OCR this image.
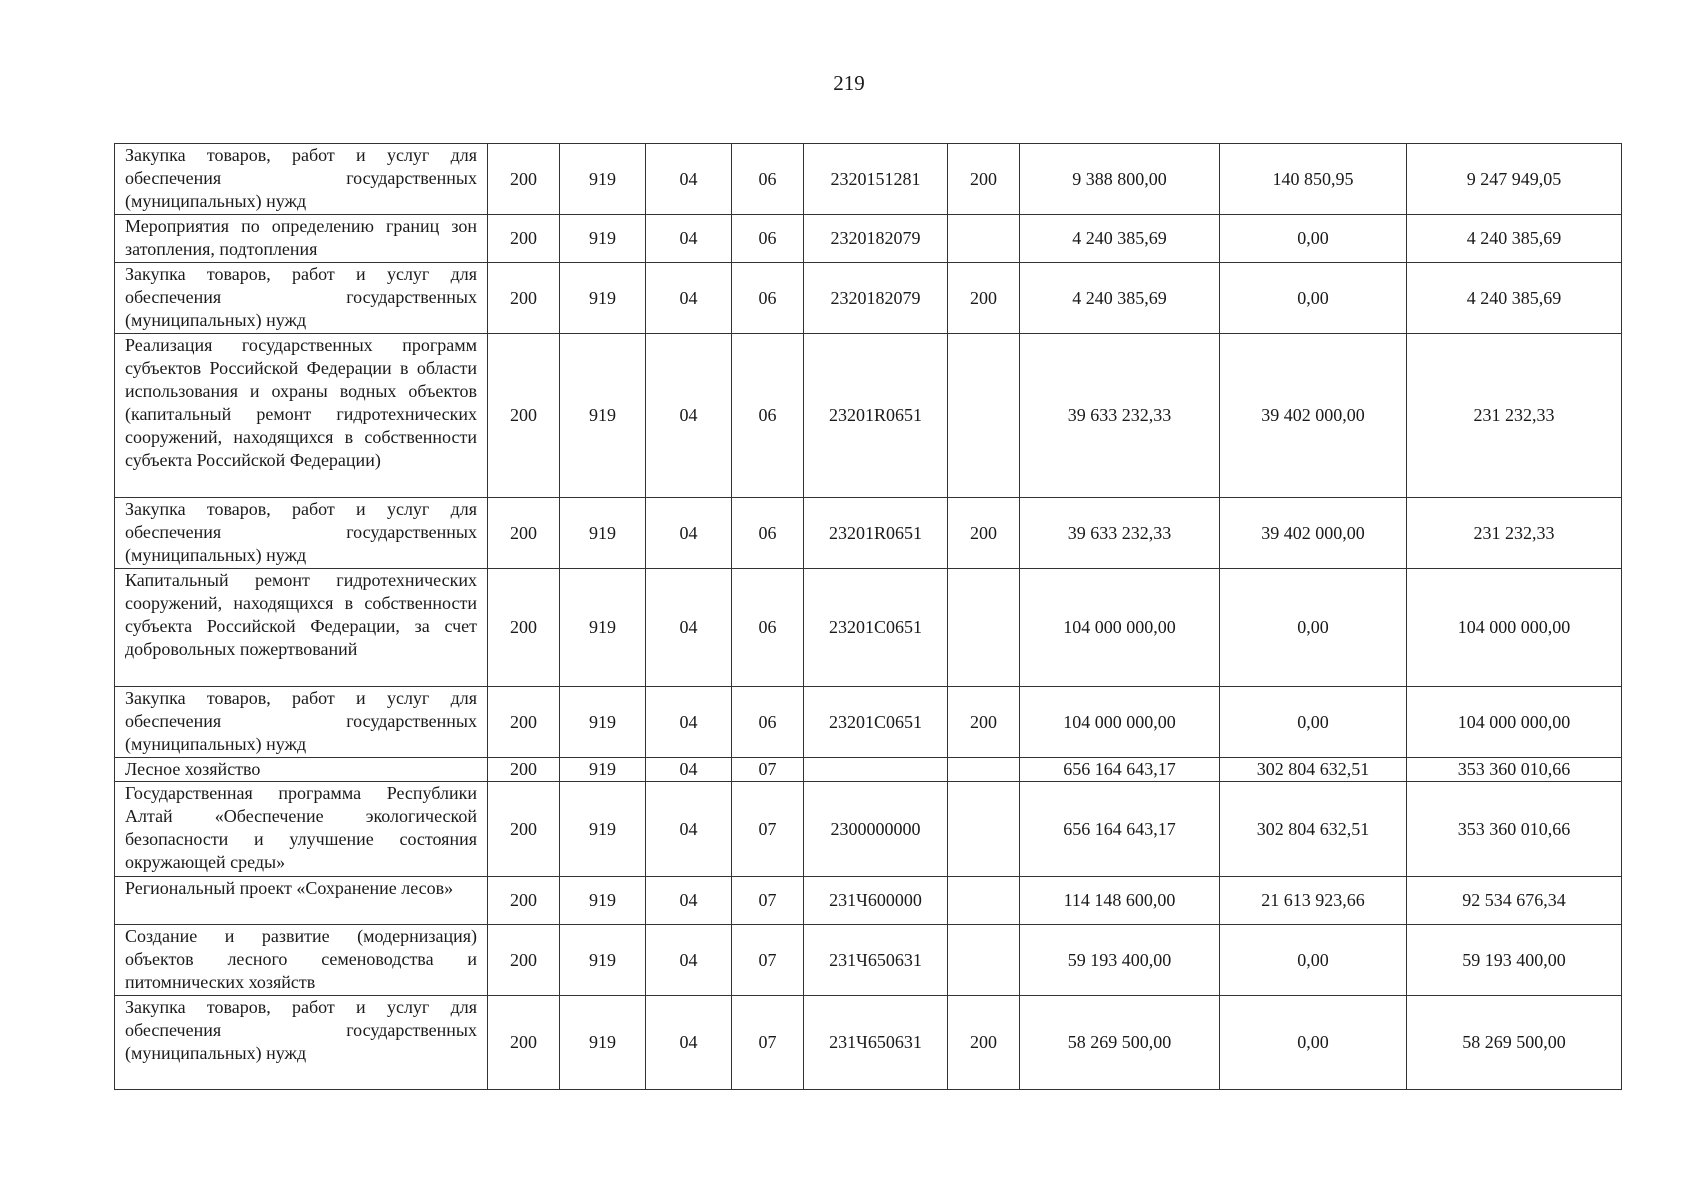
219
Закупка товаров, работ и услуг для обеспечения государственных (муниципальных) нужд	200	919	04	06	2320151281	200	9 388 800,00	140 850,95	9 247 949,05
Мероприятия по определению границ зон затопления, подтопления	200	919	04	06	2320182079		4 240 385,69	0,00	4 240 385,69
Закупка товаров, работ и услуг для обеспечения государственных (муниципальных) нужд	200	919	04	06	2320182079	200	4 240 385,69	0,00	4 240 385,69
Реализация государственных программ субъектов Российской Федерации в области использования и охраны водных объектов (капитальный ремонт гидротехнических сооружений, находящихся в собственности субъекта Российской Федерации)	200	919	04	06	23201R0651		39 633 232,33	39 402 000,00	231 232,33
Закупка товаров, работ и услуг для обеспечения государственных (муниципальных) нужд	200	919	04	06	23201R0651	200	39 633 232,33	39 402 000,00	231 232,33
Капитальный ремонт гидротехнических сооружений, находящихся в собственности субъекта Российской Федерации, за счет добровольных пожертвований	200	919	04	06	23201С0651		104 000 000,00	0,00	104 000 000,00
Закупка товаров, работ и услуг для обеспечения государственных (муниципальных) нужд	200	919	04	06	23201С0651	200	104 000 000,00	0,00	104 000 000,00
Лесное хозяйство	200	919	04	07			656 164 643,17	302 804 632,51	353 360 010,66
Государственная программа Республики Алтай «Обеспечение экологической безопасности и улучшение состояния окружающей среды»	200	919	04	07	2300000000		656 164 643,17	302 804 632,51	353 360 010,66
Региональный проект «Сохранение лесов»	200	919	04	07	231Ч600000		114 148 600,00	21 613 923,66	92 534 676,34
Создание и развитие (модернизация) объектов лесного семеноводства и питомнических хозяйств	200	919	04	07	231Ч650631		59 193 400,00	0,00	59 193 400,00
Закупка товаров, работ и услуг для обеспечения государственных (муниципальных) нужд	200	919	04	07	231Ч650631	200	58 269 500,00	0,00	58 269 500,00
